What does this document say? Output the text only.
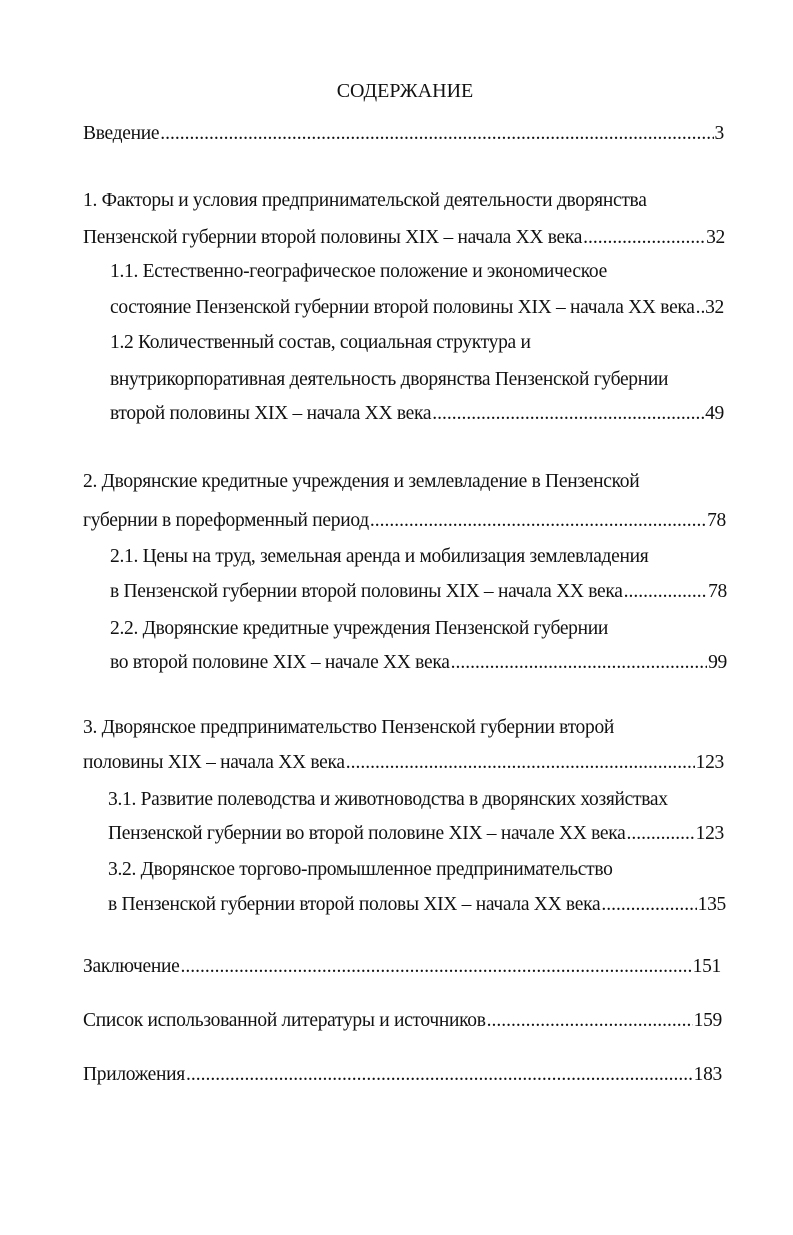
СОДЕРЖАНИЕ
Введение .....	3
1. Факторы и условия предпринимательской деятельности дворянства
Пензенской губернии второй половины XIX – начала XX века .....	32
1.1. Естественно-географическое положение и экономическое
состояние Пензенской губернии второй половины XIX – начала XX века ..... 32
1.2 Количественный состав, социальная структура и
внутрикорпоративная деятельность дворянства Пензенской губернии
второй половины XIX – начала XX века .....	49
2. Дворянские кредитные учреждения и землевладение в Пензенской
губернии в пореформенный период .....	78
2.1. Цены на труд, земельная аренда и мобилизация землевладения
в Пензенской губернии второй половины XIX – начала XX века .....	78
2.2. Дворянские кредитные учреждения Пензенской губернии
во второй половине XIX – начале XX века .....	99
3. Дворянское предпринимательство Пензенской губернии второй
половины XIX – начала XX века .....	123
3.1. Развитие полеводства и животноводства в дворянских хозяйствах
Пензенской губернии во второй половине XIX – начале XX века .....	123
3.2. Дворянское торгово-промышленное предпринимательство
в Пензенской губернии второй половы XIX – начала XX века .....	135
Заключение .....	151
Список использованной литературы и источников .....	159
Приложения .....	183
